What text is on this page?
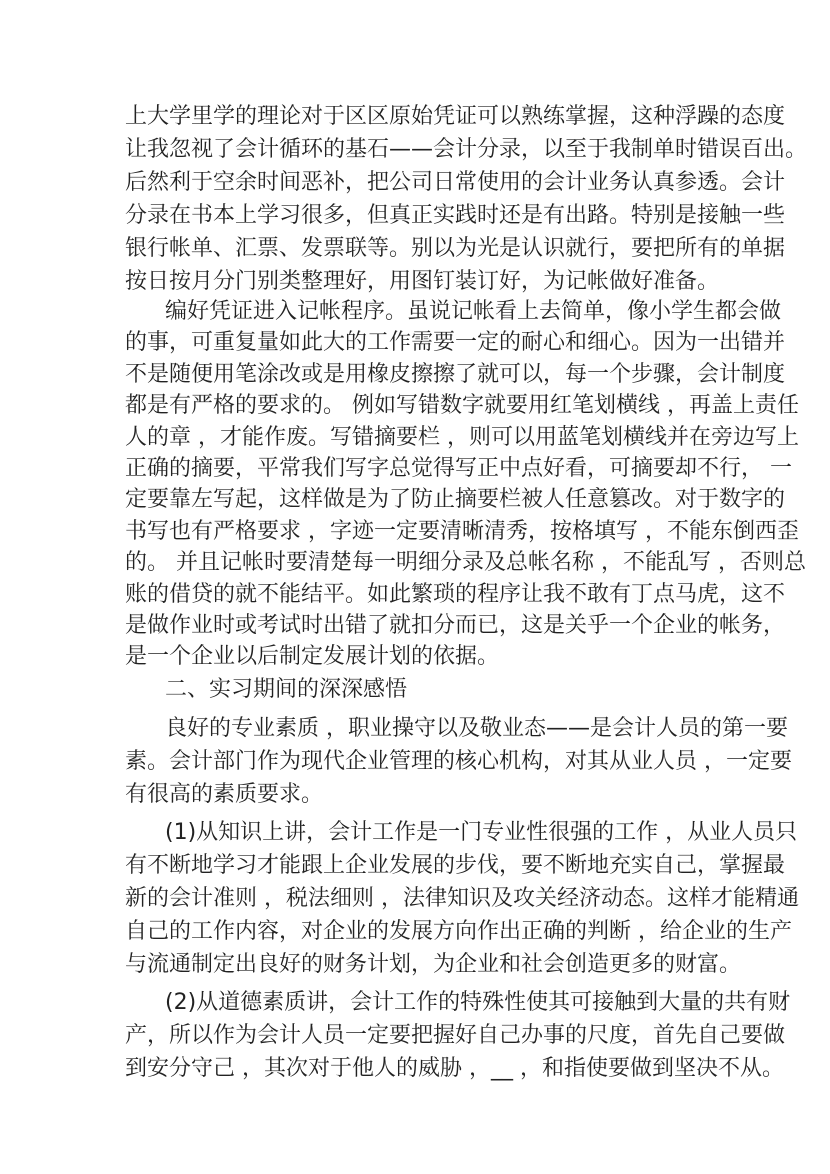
上大学里学的理论对于区区原始凭证可以熟练掌握，这种浮躁的态度
让我忽视了会计循环的基石——会计分录，以至于我制单时错误百出。
后然利于空余时间恶补，把公司日常使用的会计业务认真参透。会计
分录在书本上学习很多，但真正实践时还是有出路。特别是接触一些
银行帐单、汇票、发票联等。别以为光是认识就行，要把所有的单据
按日按月分门别类整理好，用图钉装订好，为记帐做好准备。
编好凭证进入记帐程序。虽说记帐看上去简单，像小学生都会做
的事，可重复量如此大的工作需要一定的耐心和细心。因为一出错并
不是随便用笔涂改或是用橡皮擦擦了就可以，每一个步骤，会计制度
都是有严格的要求的。 例如写错数字就要用红笔划横线 ，再盖上责任
人的章 ，才能作废。写错摘要栏 ，则可以用蓝笔划横线并在旁边写上
正确的摘要，平常我们写字总觉得写正中点好看，可摘要却不行， 一
定要靠左写起，这样做是为了防止摘要栏被人任意篡改。对于数字的
书写也有严格要求 ，字迹一定要清晰清秀，按格填写 ，不能东倒西歪
的。 并且记帐时要清楚每一明细分录及总帐名称 ，不能乱写 ，否则总
账的借贷的就不能结平。如此繁琐的程序让我不敢有丁点马虎，这不
是做作业时或考试时出错了就扣分而已，这是关乎一个企业的帐务，
是一个企业以后制定发展计划的依据。
二、实习期间的深深感悟
良好的专业素质 ，职业操守以及敬业态——是会计人员的第一要
素。会计部门作为现代企业管理的核心机构，对其从业人员 ，一定要
有很高的素质要求。
(1)从知识上讲，会计工作是一门专业性很强的工作 ，从业人员只
有不断地学习才能跟上企业发展的步伐，要不断地充实自己，掌握最
新的会计准则 ，税法细则 ，法律知识及攻关经济动态。这样才能精通
自己的工作内容，对企业的发展方向作出正确的判断 ，给企业的生产
与流通制定出良好的财务计划，为企业和社会创造更多的财富。
(2)从道德素质讲，会计工作的特殊性使其可接触到大量的共有财
产，所以作为会计人员一定要把握好自己办事的尺度，首先自己要做
到安分守己 ，其次对于他人的威胁 ，__ ，和指使要做到坚决不从。
